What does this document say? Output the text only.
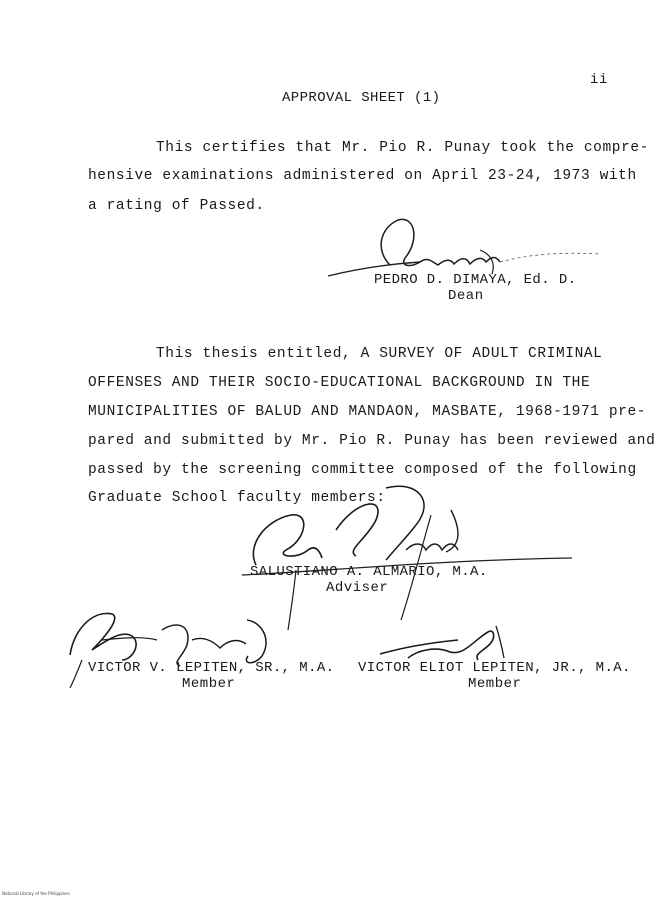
ii
APPROVAL SHEET (1)
This certifies that Mr. Pio R. Punay took the compre-
hensive examinations administered on April 23-24, 1973 with
a rating of Passed.
PEDRO D. DIMAYA, Ed. D.
Dean
This thesis entitled, A SURVEY OF ADULT CRIMINAL
OFFENSES AND THEIR SOCIO-EDUCATIONAL BACKGROUND IN THE
MUNICIPALITIES OF BALUD AND MANDAON, MASBATE, 1968-1971 pre-
pared and submitted by Mr. Pio R. Punay has been reviewed and
passed by the screening committee composed of the following
Graduate School faculty members:
SALUSTIANO A. ALMARIO, M.A.
Adviser
VICTOR V. LEPITEN, SR., M.A.
Member
VICTOR ELIOT LEPITEN, JR., M.A.
Member
National Library of the Philippines
